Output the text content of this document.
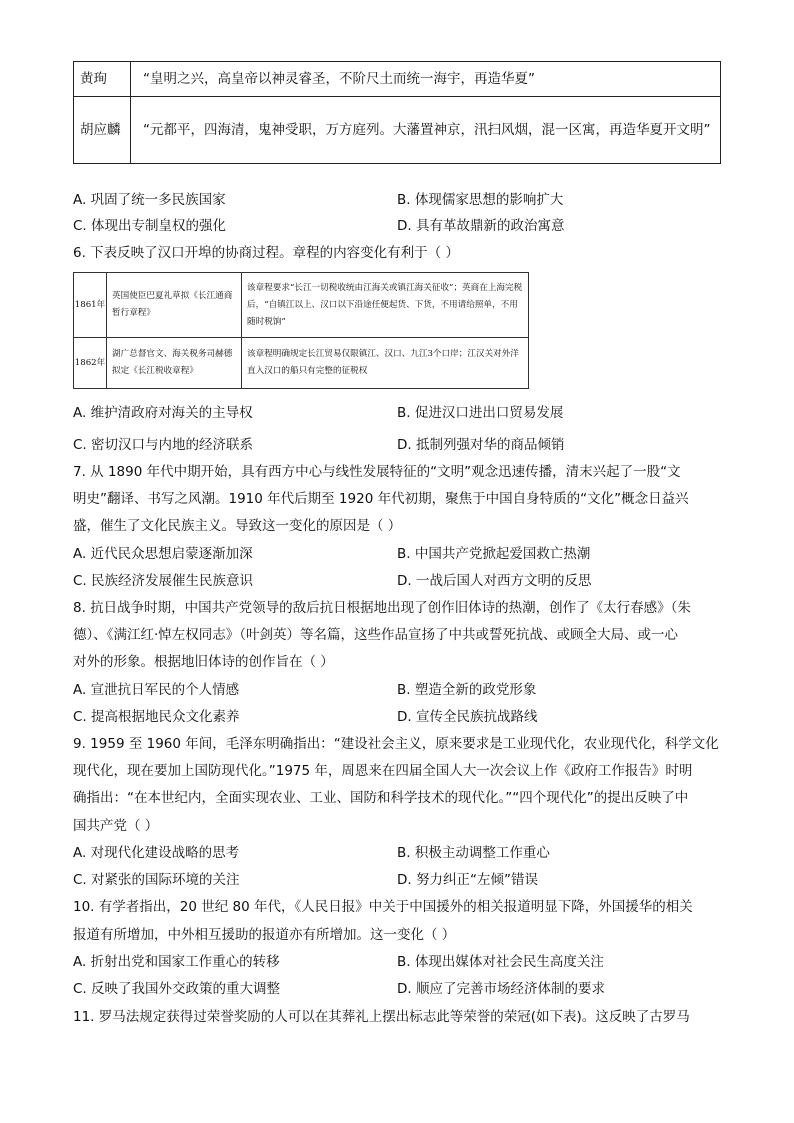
黄珣	“皇明之兴，高皇帝以神灵睿圣，不阶尺土而统一海宇，再造华夏”
胡应麟	“元都平，四海清，鬼神受职，万方庭列。大藩置神京，汛扫风烟，混一区寓，再造华夏开文明”
A. 巩固了统一多民族国家	B. 体现儒家思想的影响扩大
C. 体现出专制皇权的强化	D. 具有革故鼎新的政治寓意
6. 下表反映了汉口开埠的协商过程。章程的内容变化有利于（ ）
1861年	英国使臣巴夏礼草拟《长江通商暂行章程》	该章程要求“长江一切税收统由江海关或镇江海关征收”；英商在上海完税后，“自镇江以上、汉口以下沿途任便起货、下货，不用请给照单，不用随时税饷”
1862年	湖广总督官文、海关税务司赫德拟定《长江税收章程》	该章程明确规定长江贸易仅限镇江、汉口、九江3个口岸；江汉关对外洋直入汉口的船只有完整的征税权
A. 维护清政府对海关的主导权	B. 促进汉口进出口贸易发展
C. 密切汉口与内地的经济联系	D. 抵制列强对华的商品倾销
7. 从 1890 年代中期开始，具有西方中心与线性发展特征的“文明”观念迅速传播，清末兴起了一股“文
明史”翻译、书写之风潮。1910 年代后期至 1920 年代初期，聚焦于中国自身特质的“文化”概念日益兴
盛，催生了文化民族主义。导致这一变化的原因是（ ）
A. 近代民众思想启蒙逐渐加深	B. 中国共产党掀起爱国救亡热潮
C. 民族经济发展催生民族意识	D. 一战后国人对西方文明的反思
8. 抗日战争时期，中国共产党领导的敌后抗日根据地出现了创作旧体诗的热潮，创作了《太行春感》（朱
德）、《满江红·悼左权同志》（叶剑英）等名篇，这些作品宣扬了中共或誓死抗战、或顾全大局、或一心
对外的形象。根据地旧体诗的创作旨在（ ）
A. 宣泄抗日军民的个人情感	B. 塑造全新的政党形象
C. 提高根据地民众文化素养	D. 宣传全民族抗战路线
9. 1959 至 1960 年间，毛泽东明确指出：“建设社会主义，原来要求是工业现代化，农业现代化，科学文化
现代化，现在要加上国防现代化。”1975 年，周恩来在四届全国人大一次会议上作《政府工作报告》时明
确指出：“在本世纪内，全面实现农业、工业、国防和科学技术的现代化。”“四个现代化”的提出反映了中
国共产党（ ）
A. 对现代化建设战略的思考	B. 积极主动调整工作重心
C. 对紧张的国际环境的关注	D. 努力纠正“左倾”错误
10. 有学者指出，20 世纪 80 年代，《人民日报》中关于中国援外的相关报道明显下降，外国援华的相关
报道有所增加，中外相互援助的报道亦有所增加。这一变化（ ）
A. 折射出党和国家工作重心的转移	B. 体现出媒体对社会民生高度关注
C. 反映了我国外交政策的重大调整	D. 顺应了完善市场经济体制的要求
11. 罗马法规定获得过荣誉奖励的人可以在其葬礼上摆出标志此等荣誉的荣冠(如下表)。这反映了古罗马
